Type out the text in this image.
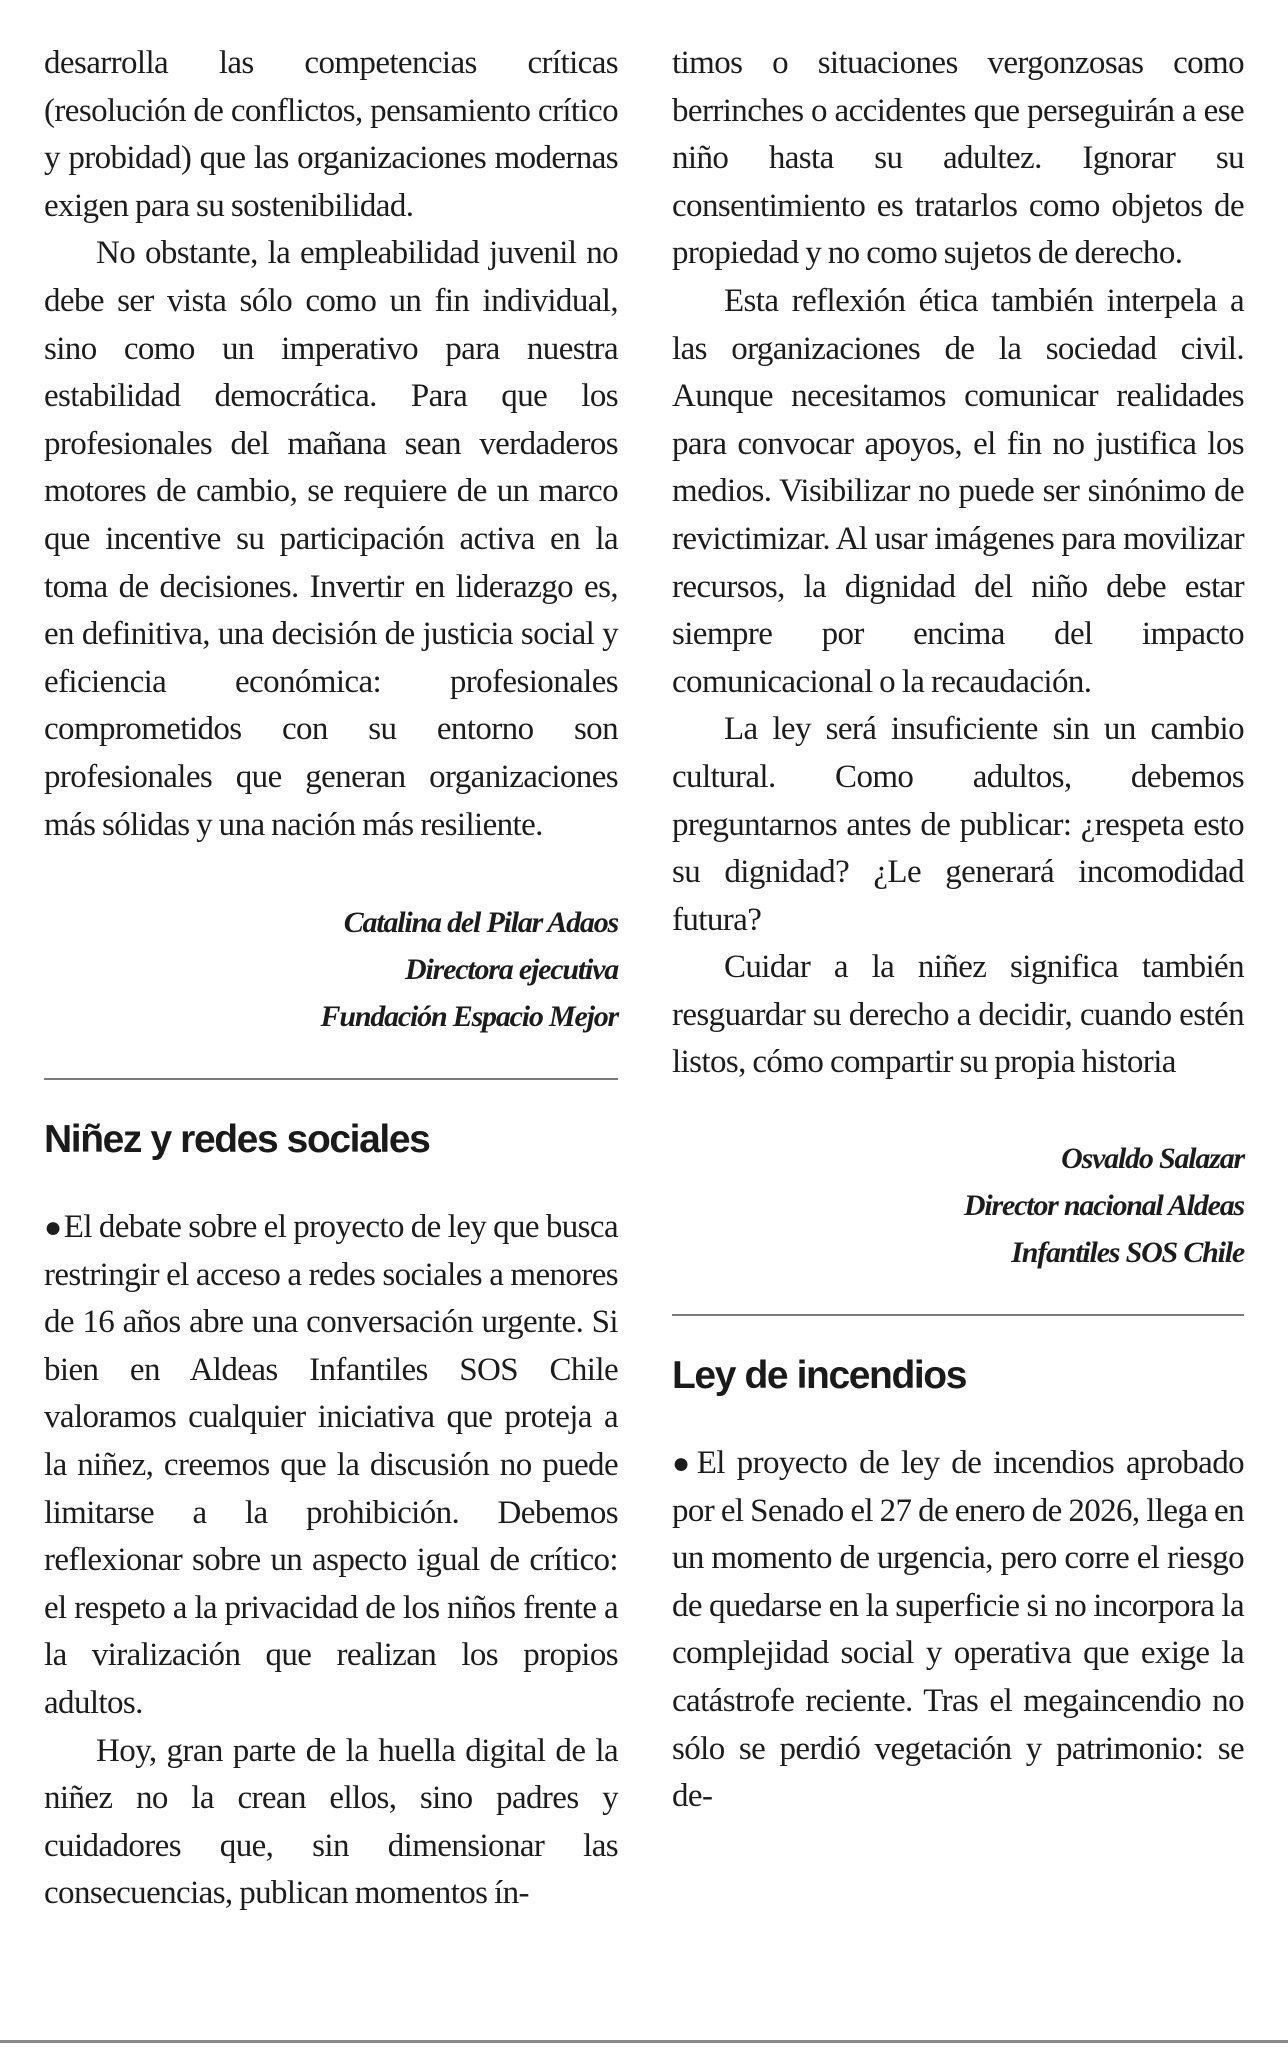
desarrolla las competencias críticas (resolución de conflictos, pensamiento crítico y probidad) que las organizaciones modernas exigen para su sostenibilidad.

No obstante, la empleabilidad juvenil no debe ser vista sólo como un fin individual, sino como un imperativo para nuestra estabilidad democrática. Para que los profesionales del mañana sean verdaderos motores de cambio, se requiere de un marco que incentive su participación activa en la toma de decisiones. Invertir en liderazgo es, en definitiva, una decisión de justicia social y eficiencia económica: profesionales comprometidos con su entorno son profesionales que generan organizaciones más sólidas y una nación más resiliente.

Catalina del Pilar Adaos

Directora ejecutiva

Fundación Espacio Mejor

Niñez y redes sociales

●El debate sobre el proyecto de ley que busca restringir el acceso a redes sociales a menores de 16 años abre una conversación urgente. Si bien en Aldeas Infantiles SOS Chile valoramos cualquier iniciativa que proteja a la niñez, creemos que la discusión no puede limitarse a la prohibición. Debemos reflexionar sobre un aspecto igual de crítico: el respeto a la privacidad de los niños frente a la viralización que realizan los propios adultos.

Hoy, gran parte de la huella digital de la niñez no la crean ellos, sino padres y cuidadores que, sin dimensionar las consecuencias, publican momentos ín-

timos o situaciones vergonzosas como berrinches o accidentes que perseguirán a ese niño hasta su adultez. Ignorar su consentimiento es tratarlos como objetos de propiedad y no como sujetos de derecho.

Esta reflexión ética también interpela a las organizaciones de la sociedad civil. Aunque necesitamos comunicar realidades para convocar apoyos, el fin no justifica los medios. Visibilizar no puede ser sinónimo de revictimizar. Al usar imágenes para movilizar recursos, la dignidad del niño debe estar siempre por encima del impacto comunicacional o la recaudación.

La ley será insuficiente sin un cambio cultural. Como adultos, debemos preguntarnos antes de publicar: ¿respeta esto su dignidad? ¿Le generará incomodidad futura?

Cuidar a la niñez significa también resguardar su derecho a decidir, cuando estén listos, cómo compartir su propia historia

Osvaldo Salazar

Director nacional Aldeas

Infantiles SOS Chile

Ley de incendios

●El proyecto de ley de incendios aprobado por el Senado el 27 de enero de 2026, llega en un momento de urgencia, pero corre el riesgo de quedarse en la superficie si no incorpora la complejidad social y operativa que exige la catástrofe reciente. Tras el megaincendio no sólo se perdió vegetación y patrimonio: se de-
